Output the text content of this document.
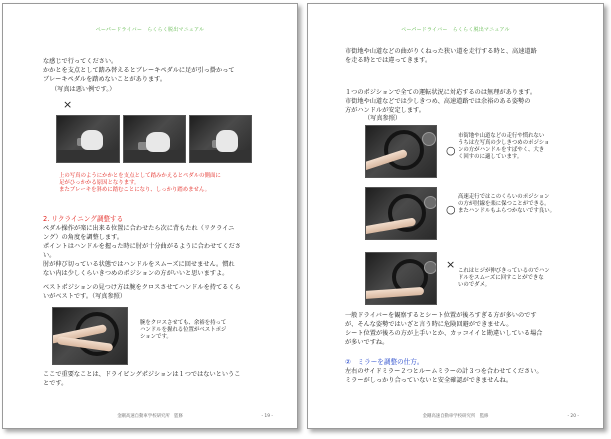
ペーパードライバー　らくらく脱出マニュアル
な感じで行ってください。
かかとを支点として踏み替えるとブレーキペダルに足が引っ掛かって
ブレーキペダルを踏めないことがあります。
（写真は悪い例です。）
×
上の写真のようにかかとを支点として踏みかえるとペダルの側面に
足がひっかかる原因となります。
またブレーキを斜めに踏むことになり、しっかり踏めません。
2. リクライニング調整する
ペダル操作が楽に出来る位置に合わせたら次に背もたれ（リクライニ
ング）の角度を調整します。
ポイントはハンドルを握った時に肘が十分曲がるように合わせてくださ
い。
肘が伸び切っている状態ではハンドルをスムーズに回せません。慣れ
ない内は少しくらいきつめのポジションの方がいいと思いますよ。
ベストポジションの見つけ方は腕をクロスさせてハンドルを持てるくら
いがベストです。（写真参照）
腕をクロスさせても、余裕を持って
ハンドルを握れる位置がベストポジ
ションです。
ここで重要なことは、ドライビングポジションは１つではないというこ
とです。
金剛高速自動車学校研究所　監修	- 19 -
ペーパードライバー　らくらく脱出マニュアル
市街地や山道などの曲がりくねった狭い道を走行する時と、高速道路
を走る時とでは違ってきます。
１つのポジションで全ての運転状況に対応するのは無理があります。
市街地や山道などでは少しきつめ、高速道路では余裕のある姿勢の
方がハンドルが安定します。
（写真参照）
○
市街地や山道などの走行や慣れない
うちは左写真の少しきつめのポジショ
ンの方がハンドルをすばやく、大き
く回すのに適しています。
○
高速走行ではこのくらいのポジション
の方が肘線を楽に保つことができる。
またハンドルもふらつかないです良い。
× これはヒジが伸びきっているのでハン
ドルをスムーズに回すことができな
いのでダメ。
一般ドライバーを観察するとシート位置が後ろすぎる方が多いのです
が、そんな姿勢ではいざと言う時に危険回避ができません。
シート位置が後ろの方が上手いとか、カッコイイと勘違いしている場合
が多いですね。
②　ミラーを調整の仕方。
左右のサイドミラー２つとルームミラーの計３つを合わせてください。
ミラーがしっかり合っていないと安全確認ができませんね。
金剛高速自動車学校研究所　監修	- 20 -
